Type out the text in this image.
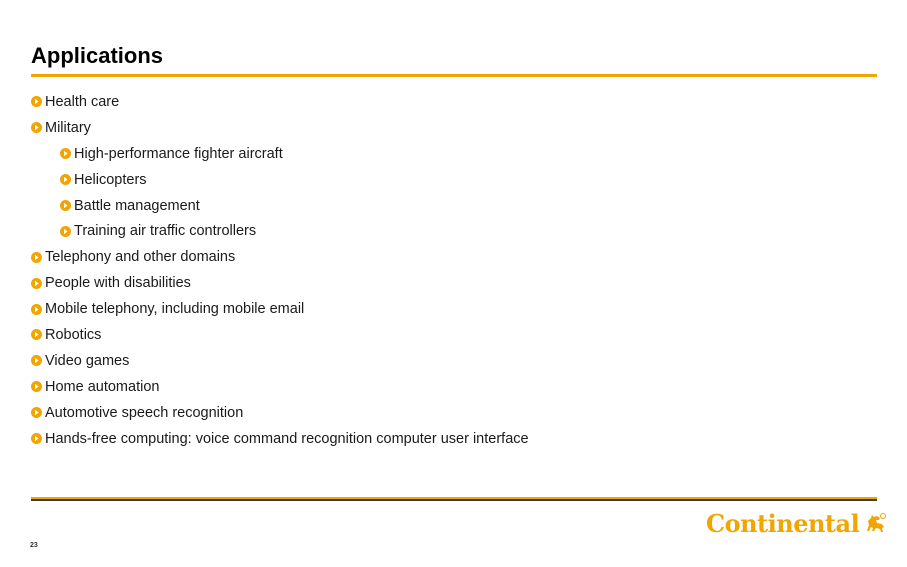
Applications
Health care
Military
High-performance fighter aircraft
Helicopters
Battle management
Training air traffic controllers
Telephony and other domains
People with disabilities
Mobile telephony, including mobile email
Robotics
Video games
Home automation
Automotive speech recognition
Hands-free computing: voice command recognition computer user interface
23
Continental
